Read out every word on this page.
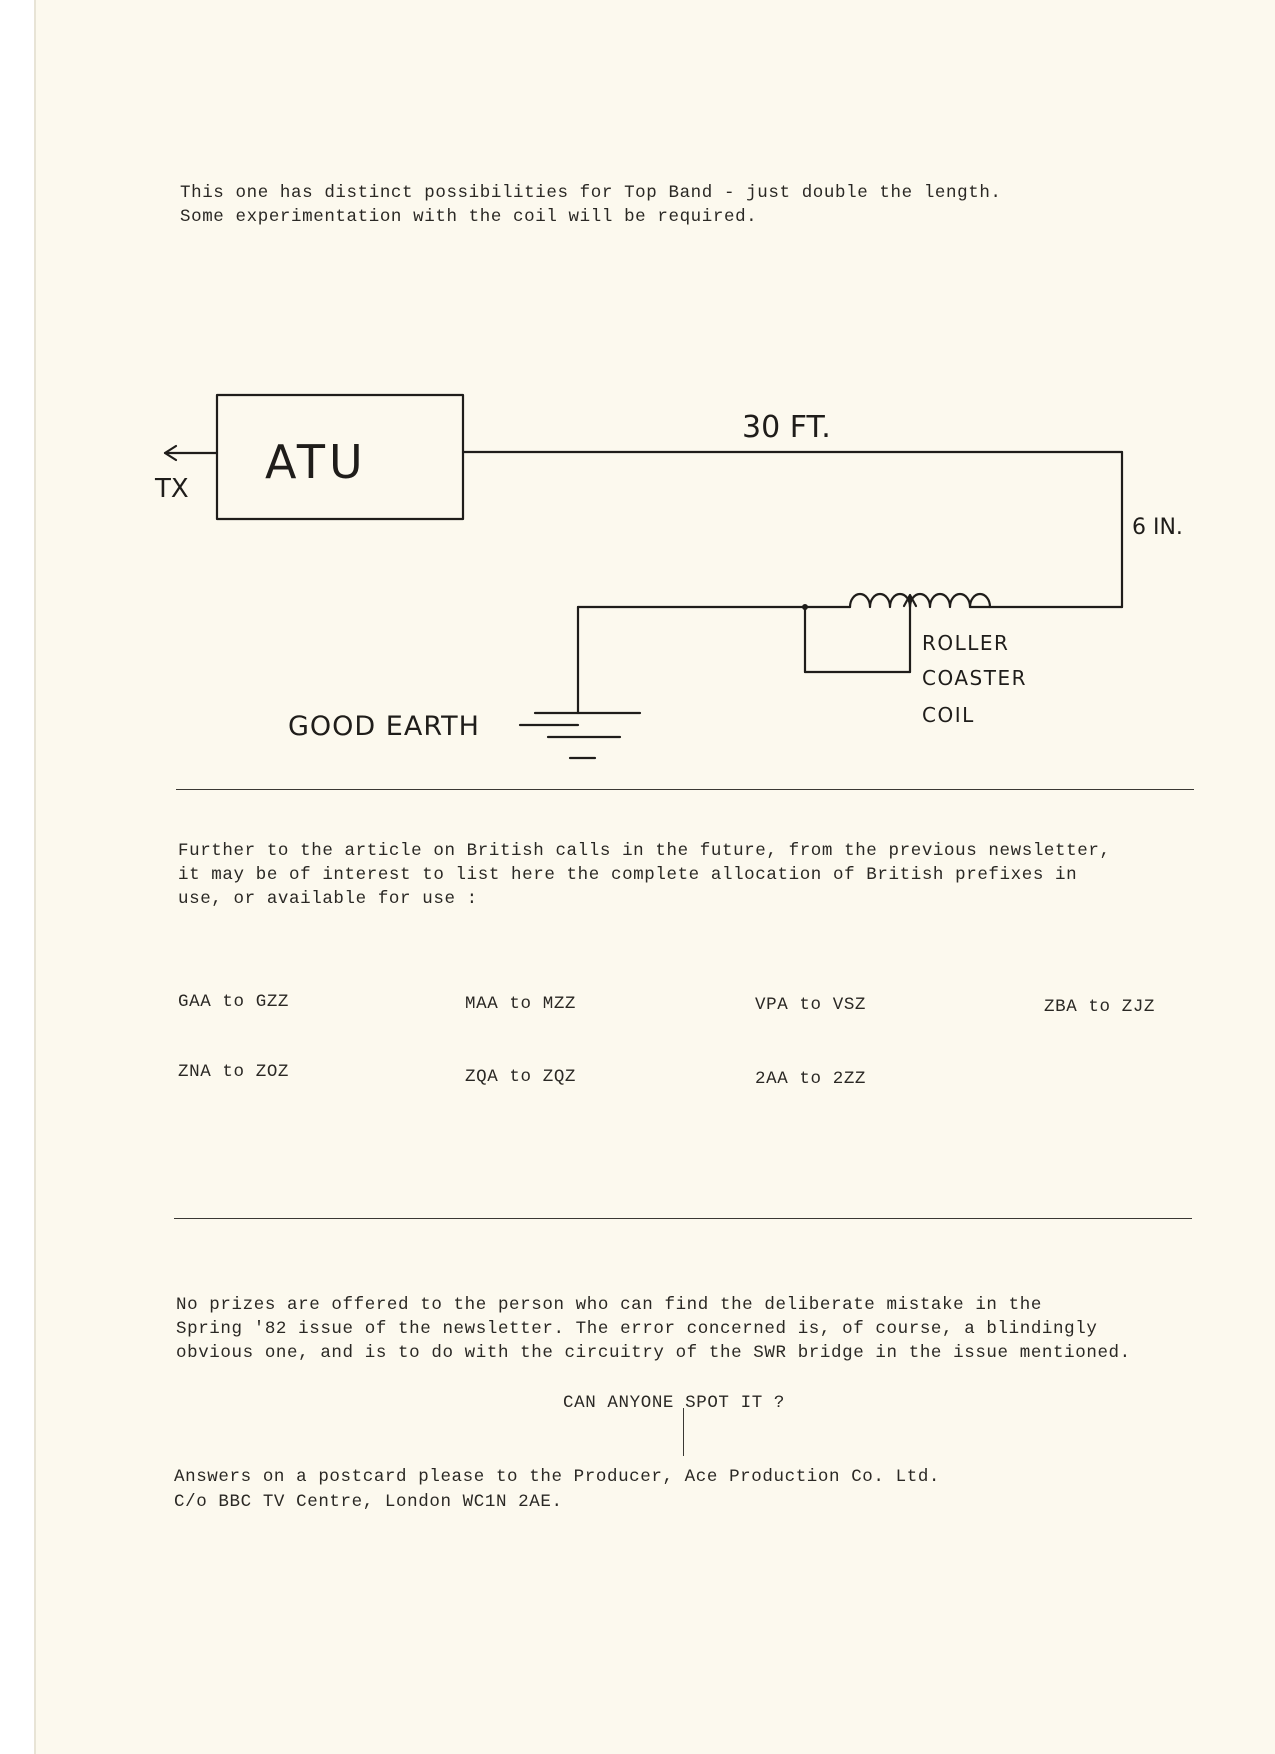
This one has distinct possibilities for Top Band - just double the length.
Some experimentation with the coil will be required.
ATU
TX
30 FT.
6 IN.
ROLLER
COASTER
COIL
GOOD EARTH
Further to the article on British calls in the future, from the previous newsletter,
it may be of interest to list here the complete allocation of British prefixes in
use, or available for use :
GAA to GZZ	MAA to MZZ	VPA to VSZ	ZBA to ZJZ
ZNA to ZOZ	ZQA to ZQZ	2AA to 2ZZ
No prizes are offered to the person who can find the deliberate mistake in the
Spring '82 issue of the newsletter. The error concerned is, of course, a blindingly
obvious one, and is to do with the circuitry of the SWR bridge in the issue mentioned.
CAN ANYONE SPOT IT ?
Answers on a postcard please to the Producer, Ace Production Co. Ltd.
C/o BBC TV Centre, London WC1N 2AE.
